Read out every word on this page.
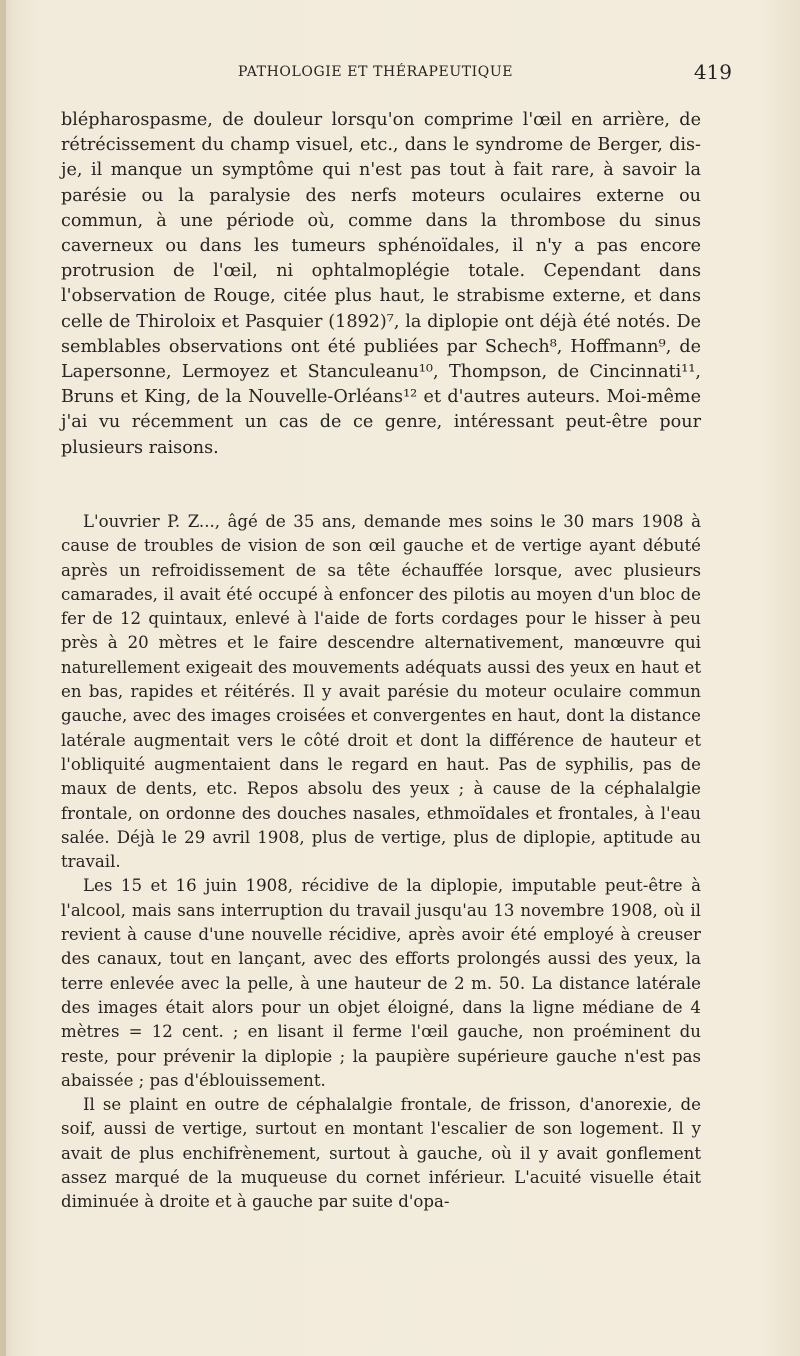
PATHOLOGIE ET THÉRAPEUTIQUE	419

blépharospasme, de douleur lorsqu'on comprime l'œil en arrière, de rétrécissement du champ visuel, etc., dans le syndrome de Berger, dis-je, il manque un symptôme qui n'est pas tout à fait rare, à savoir la parésie ou la paralysie des nerfs moteurs oculaires externe ou commun, à une période où, comme dans la thrombose du sinus caverneux ou dans les tumeurs sphénoïdales, il n'y a pas encore protrusion de l'œil, ni ophtalmoplégie totale. Cependant dans l'observation de Rouge, citée plus haut, le strabisme externe, et dans celle de Thiroloix et Pasquier (1892)⁷, la diplopie ont déjà été notés. De semblables observations ont été publiées par Schech⁸, Hoffmann⁹, de Lapersonne, Lermoyez et Stanculeanu¹⁰, Thompson, de Cincinnati¹¹, Bruns et King, de la Nouvelle-Orléans¹² et d'autres auteurs. Moi-même j'ai vu récemment un cas de ce genre, intéressant peut-être pour plusieurs raisons.

L'ouvrier P. Z..., âgé de 35 ans, demande mes soins le 30 mars 1908 à cause de troubles de vision de son œil gauche et de vertige ayant débuté après un refroidissement de sa tête échauffée lorsque, avec plusieurs camarades, il avait été occupé à enfoncer des pilotis au moyen d'un bloc de fer de 12 quintaux, enlevé à l'aide de forts cordages pour le hisser à peu près à 20 mètres et le faire descendre alternativement, manœuvre qui naturellement exigeait des mouvements adéquats aussi des yeux en haut et en bas, rapides et réitérés. Il y avait parésie du moteur oculaire commun gauche, avec des images croisées et convergentes en haut, dont la distance latérale augmentait vers le côté droit et dont la différence de hauteur et l'obliquité augmentaient dans le regard en haut. Pas de syphilis, pas de maux de dents, etc. Repos absolu des yeux ; à cause de la céphalalgie frontale, on ordonne des douches nasales, ethmoïdales et frontales, à l'eau salée. Déjà le 29 avril 1908, plus de vertige, plus de diplopie, aptitude au travail.

Les 15 et 16 juin 1908, récidive de la diplopie, imputable peut-être à l'alcool, mais sans interruption du travail jusqu'au 13 novembre 1908, où il revient à cause d'une nouvelle récidive, après avoir été employé à creuser des canaux, tout en lançant, avec des efforts prolongés aussi des yeux, la terre enlevée avec la pelle, à une hauteur de 2 m. 50. La distance latérale des images était alors pour un objet éloigné, dans la ligne médiane de 4 mètres = 12 cent. ; en lisant il ferme l'œil gauche, non proéminent du reste, pour prévenir la diplopie ; la paupière supérieure gauche n'est pas abaissée ; pas d'éblouissement.

Il se plaint en outre de céphalalgie frontale, de frisson, d'anorexie, de soif, aussi de vertige, surtout en montant l'escalier de son logement. Il y avait de plus enchifrènement, surtout à gauche, où il y avait gonflement assez marqué de la muqueuse du cornet inférieur. L'acuité visuelle était diminuée à droite et à gauche par suite d'opa-
